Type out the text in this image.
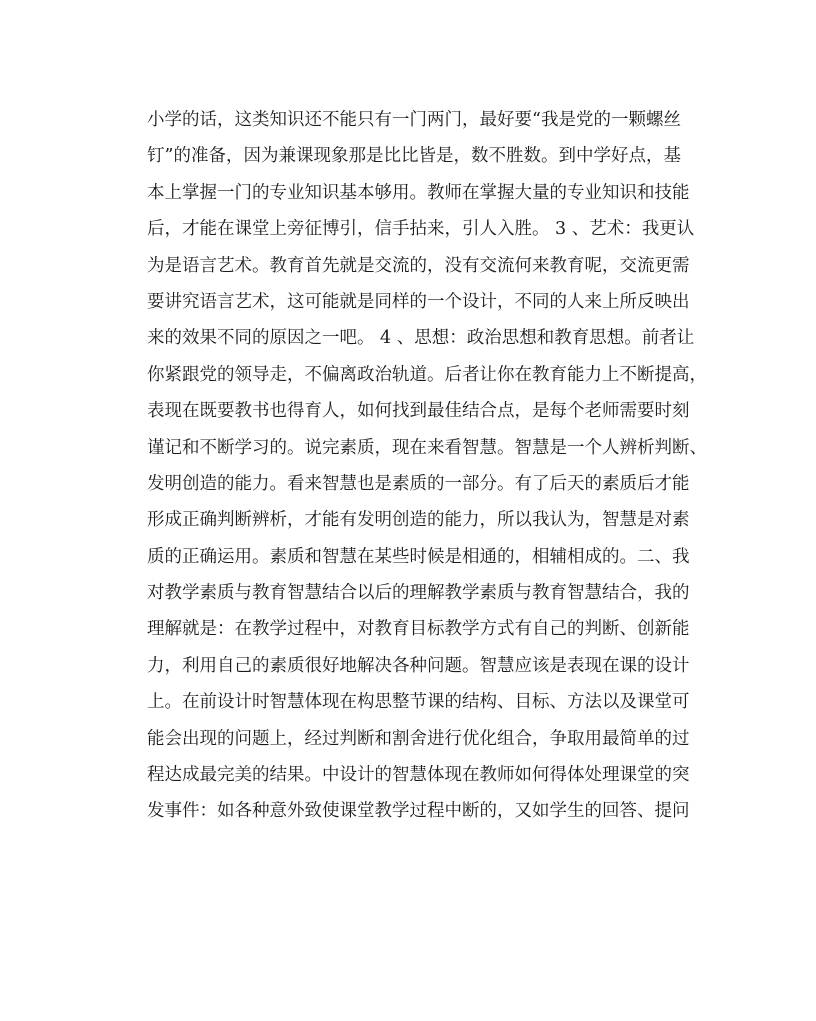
小学的话，这类知识还不能只有一门两门，最好要“我是党的一颗螺丝
钉”的准备，因为兼课现象那是比比皆是，数不胜数。到中学好点，基
本上掌握一门的专业知识基本够用。教师在掌握大量的专业知识和技能
后，才能在课堂上旁征博引，信手拈来，引人入胜。 3 、艺术：我更认
为是语言艺术。教育首先就是交流的，没有交流何来教育呢，交流更需
要讲究语言艺术，这可能就是同样的一个设计，不同的人来上所反映出
来的效果不同的原因之一吧。 4 、思想：政治思想和教育思想。前者让
你紧跟党的领导走，不偏离政治轨道。后者让你在教育能力上不断提高，
表现在既要教书也得育人，如何找到最佳结合点，是每个老师需要时刻
谨记和不断学习的。说完素质，现在来看智慧。智慧是一个人辨析判断、
发明创造的能力。看来智慧也是素质的一部分。有了后天的素质后才能
形成正确判断辨析，才能有发明创造的能力，所以我认为，智慧是对素
质的正确运用。素质和智慧在某些时候是相通的，相辅相成的。二、我
对教学素质与教育智慧结合以后的理解教学素质与教育智慧结合，我的
理解就是：在教学过程中，对教育目标教学方式有自己的判断、创新能
力，利用自己的素质很好地解决各种问题。智慧应该是表现在课的设计
上。在前设计时智慧体现在构思整节课的结构、目标、方法以及课堂可
能会出现的问题上，经过判断和割舍进行优化组合，争取用最简单的过
程达成最完美的结果。中设计的智慧体现在教师如何得体处理课堂的突
发事件：如各种意外致使课堂教学过程中断的，又如学生的回答、提问
